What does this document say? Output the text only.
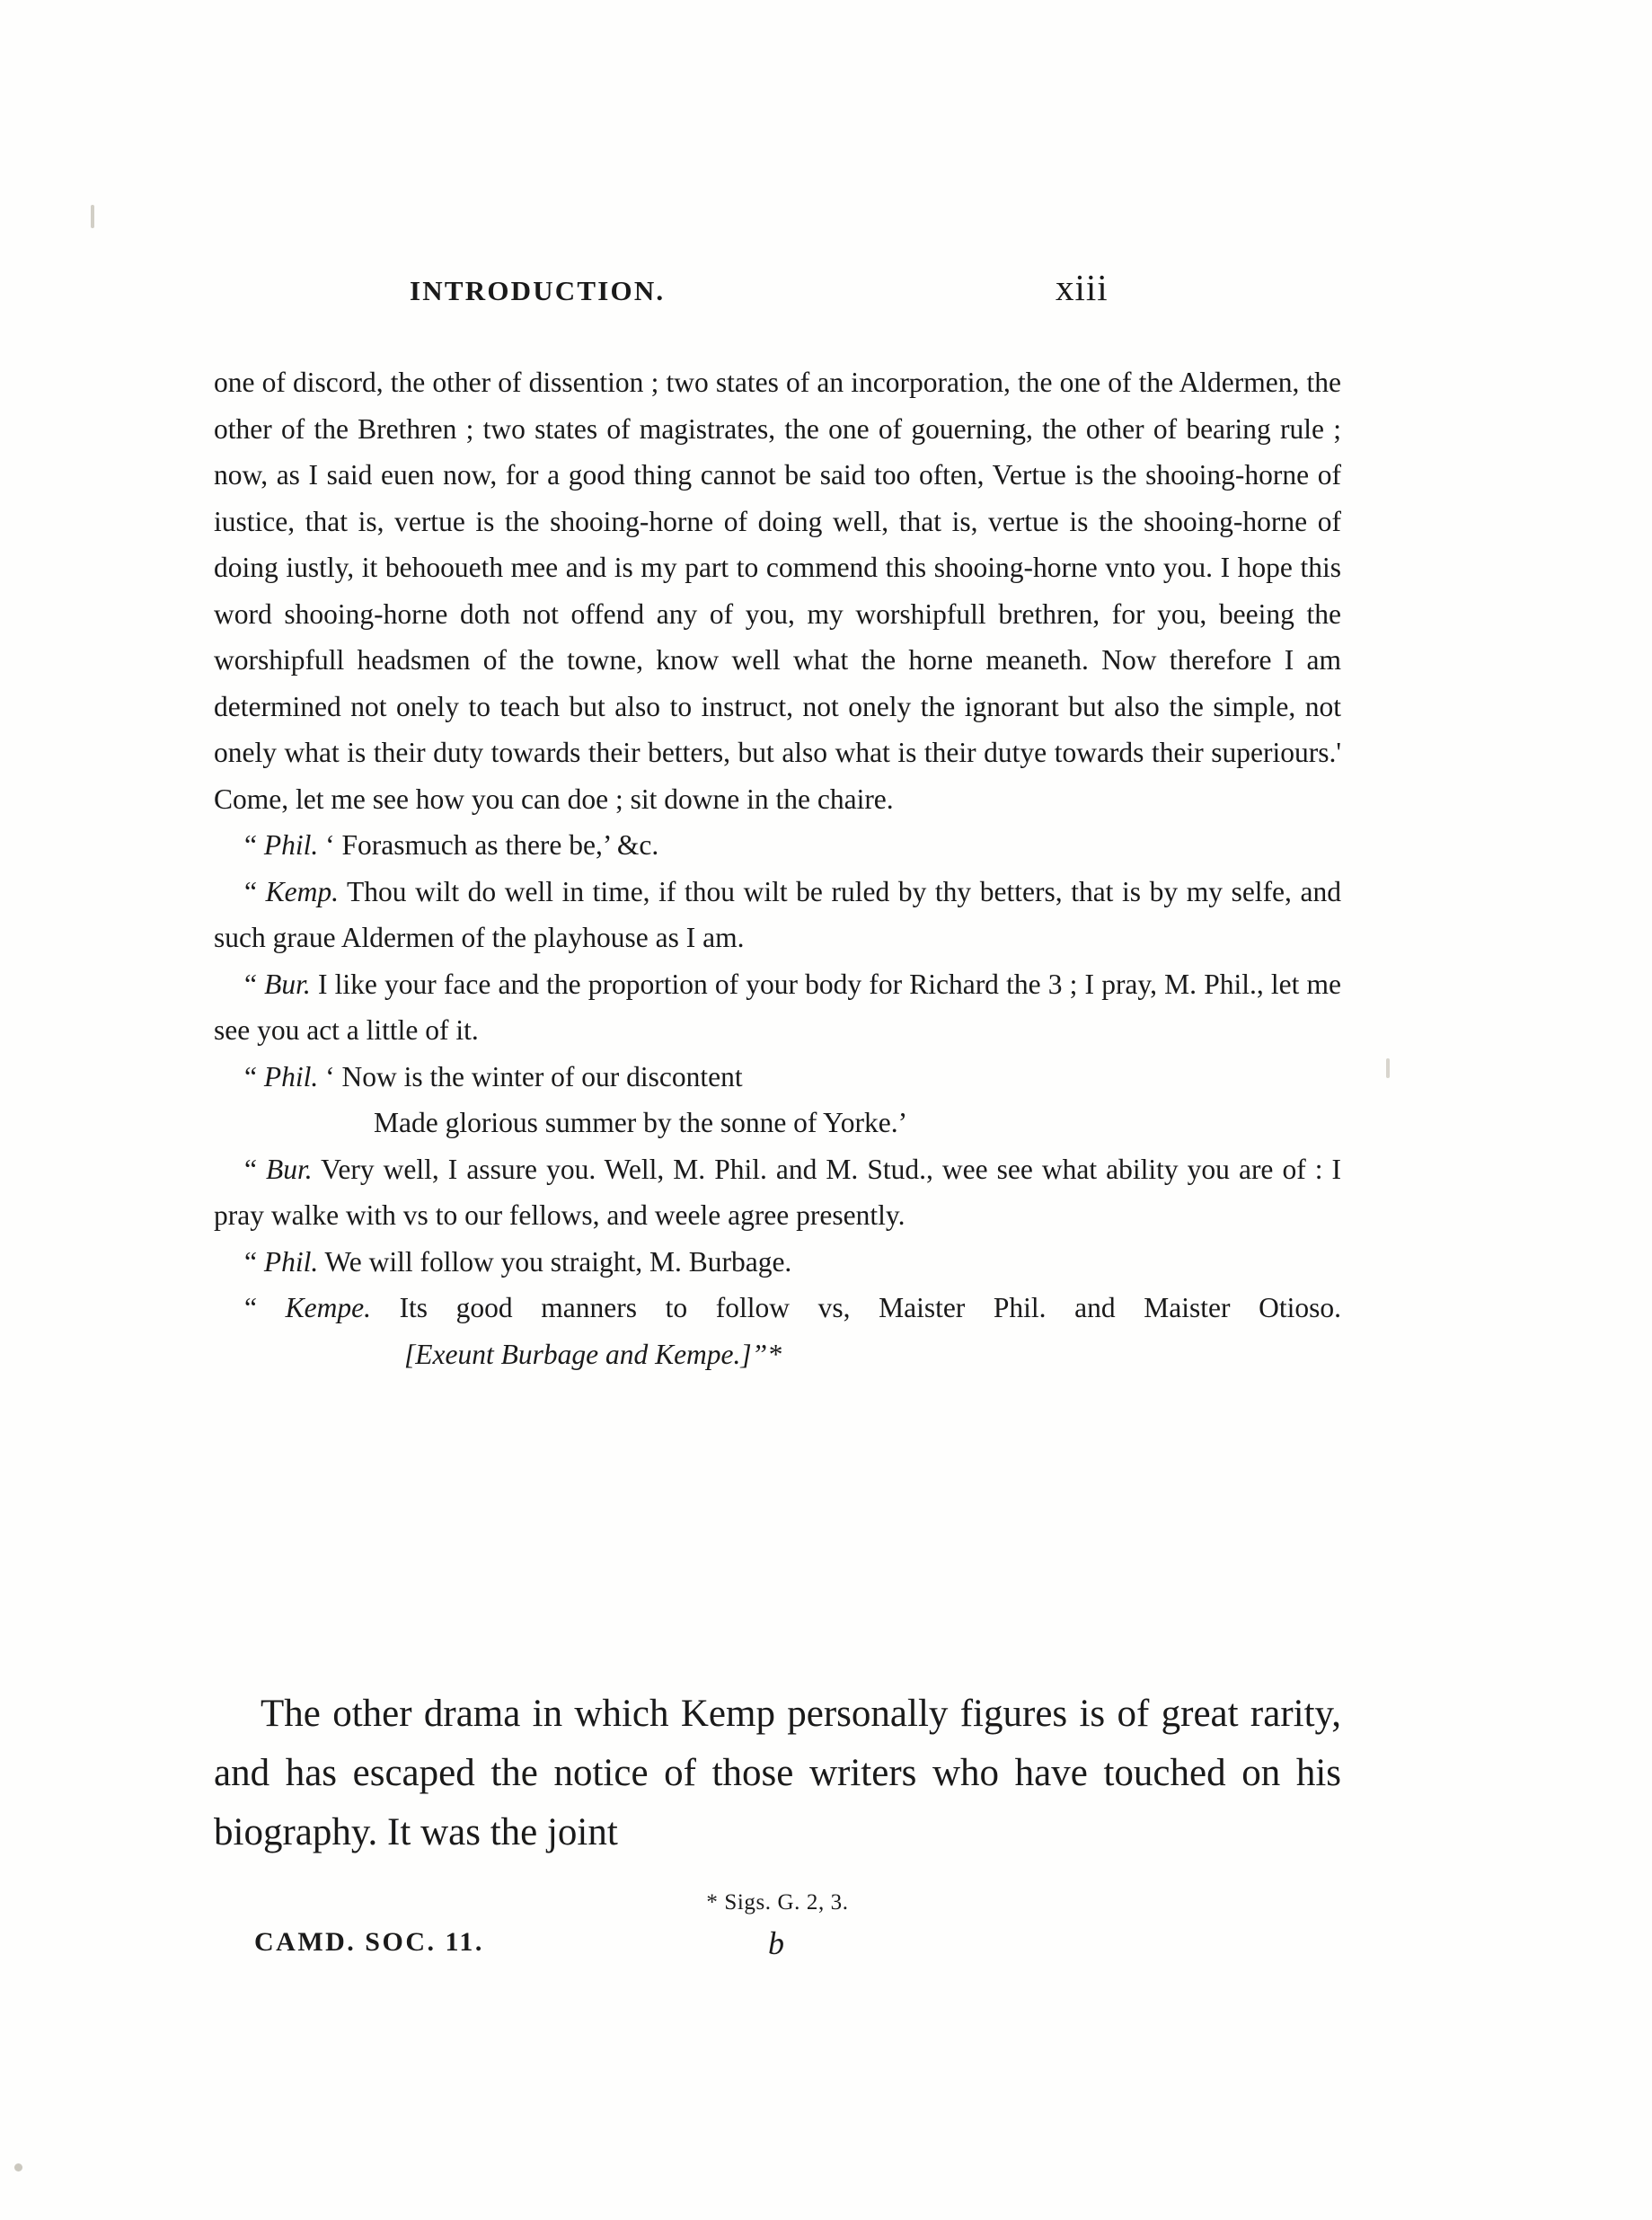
INTRODUCTION.	xiii

one of discord, the other of dissention ; two states of an incorporation, the one of the Aldermen, the other of the Brethren ; two states of magistrates, the one of gouerning, the other of bearing rule ; now, as I said euen now, for a good thing cannot be said too often, Vertue is the shooing-horne of iustice, that is, vertue is the shooing-horne of doing well, that is, vertue is the shooing-horne of doing iustly, it behooueth mee and is my part to commend this shooing-horne vnto you. I hope this word shooing-horne doth not offend any of you, my worshipfull brethren, for you, beeing the worshipfull headsmen of the towne, know well what the horne meaneth. Now therefore I am determined not onely to teach but also to instruct, not onely the ignorant but also the simple, not onely what is their duty towards their betters, but also what is their dutye towards their superiours.' Come, let me see how you can doe ; sit downe in the chaire.

“ Phil. ‘ Forasmuch as there be,’ &c.

“ Kemp. Thou wilt do well in time, if thou wilt be ruled by thy betters, that is by my selfe, and such graue Aldermen of the playhouse as I am.

“ Bur. I like your face and the proportion of your body for Richard the 3 ; I pray, M. Phil., let me see you act a little of it.

“ Phil. ‘ Now is the winter of our discontent
Made glorious summer by the sonne of Yorke.’

“ Bur. Very well, I assure you. Well, M. Phil. and M. Stud., wee see what ability you are of : I pray walke with vs to our fellows, and weele agree presently.

“ Phil. We will follow you straight, M. Burbage.

“ Kempe. Its good manners to follow vs, Maister Phil. and Maister Otioso.[Exeunt Burbage and Kempe.]”*

The other drama in which Kemp personally figures is of great rarity, and has escaped the notice of those writers who have touched on his biography. It was the joint
* Sigs. G. 2, 3.
CAMD. SOC. 11.	b
